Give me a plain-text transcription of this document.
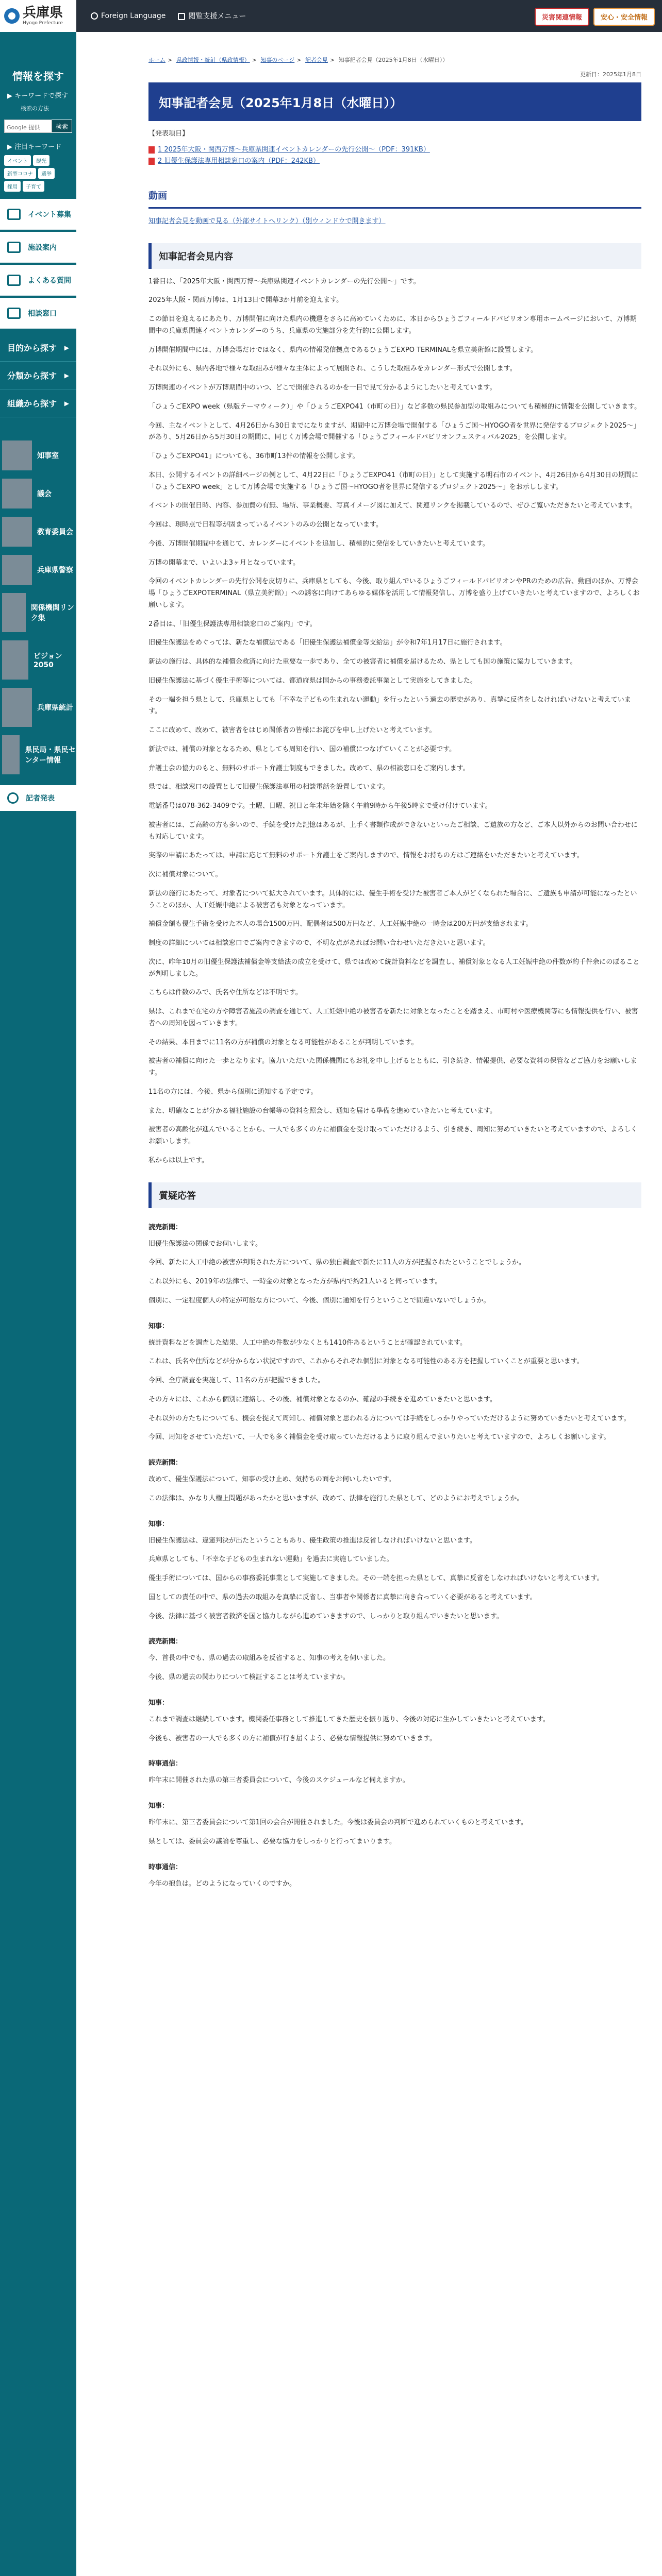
兵庫県
Hyogo Prefecture
Foreign Language	閲覧支援メニュー	災害関連情報	安心・安全情報
情報を探す
▶ キーワードで探す
検索の方法
Google 提供	検索
▶ 注目キーワード
イベント	観光
新型コロナ	選挙
採用	子育て
イベント募集
施設案内
よくある質問
相談窓口
目的から探す ▶
分類から探す ▶
組織から探す ▶
知事室
議会
教育委員会
兵庫県警察
関係機関リンク集
ビジョン2050
兵庫県統計
県民局・県民センター情報
記者発表
ホーム > 県政情報・統計（県政情報） > 知事のページ > 記者会見 > 知事記者会見（2025年1月8日（水曜日））
更新日：2025年1月8日
知事記者会見（2025年1月8日（水曜日））

【発表項目】

1 2025年大阪・関西万博～兵庫県関連イベントカレンダーの先行公開～（PDF：391KB）
2 旧優生保護法専用相談窓口の案内（PDF：242KB）
動画

知事記者会見を動画で見る（外部サイトへリンク）（別ウィンドウで開きます）

知事記者会見内容

1番目は、「2025年大阪・関西万博～兵庫県関連イベントカレンダーの先行公開～」です。

2025年大阪・関西万博は、1月13日で開幕3か月前を迎えます。

この節目を迎えるにあたり、万博開催に向けた県内の機運をさらに高めていくために、本日からひょうごフィールドパビリオン専用ホームページにおいて、万博期間中の兵庫県関連イベントカレンダーのうち、兵庫県の実施部分を先行的に公開します。

万博開催期間中には、万博会場だけではなく、県内の情報発信拠点であるひょうごEXPO TERMINALを県立美術館に設置します。

それ以外にも、県内各地で様々な取組みが様々な主体によって展開され、こうした取組みをカレンダー形式で公開します。

万博関連のイベントが万博期間中のいつ、どこで開催されるのかを一目で見て分かるようにしたいと考えています。

「ひょうごEXPO week（県版テーマウィーク）」や「ひょうごEXPO41（市町の日）」など多数の県民参加型の取組みについても積極的に情報を公開していきます。

今回、主なイベントとして、4月26日から30日までになりますが、期間中に万博会場で開催する「ひょうご国～HYOGO者を世界に発信するプロジェクト2025～」があり、5月26日から5月30日の期間に、同じく万博会場で開催する「ひょうごフィールドパビリオンフェスティバル2025」を公開します。

「ひょうごEXPO41」についても、36市町13件の情報を公開します。

本日、公開するイベントの詳細ページの例として、4月22日に「ひょうごEXPO41（市町の日）」として実施する明石市のイベント、4月26日から4月30日の期間に「ひょうごEXPO week」として万博会場で実施する「ひょうご国～HYOGO者を世界に発信するプロジェクト2025～」をお示しします。

イベントの開催日時、内容、参加費の有無、場所、事業概要、写真イメージ図に加えて、関連リンクを掲載しているので、ぜひご覧いただきたいと考えています。

今回は、現時点で日程等が固まっているイベントのみの公開となっています。

今後、万博開催期間中を通じて、カレンダーにイベントを追加し、積極的に発信をしていきたいと考えています。

万博の開幕まで、いよいよ3ヶ月となっています。

今回のイベントカレンダーの先行公開を皮切りに、兵庫県としても、今後、取り組んでいるひょうごフィールドパビリオンやPRのための広告、動画のほか、万博会場「ひょうごEXPOTERMINAL（県立美術館）」への誘客に向けてあらゆる媒体を活用して情報発信し、万博を盛り上げていきたいと考えていますので、よろしくお願いします。

2番目は、「旧優生保護法専用相談窓口のご案内」です。

旧優生保護法をめぐっては、新たな補償法である「旧優生保護法補償金等支給法」が令和7年1月17日に施行されます。

新法の施行は、具体的な補償金救済に向けた重要な一歩であり、全ての被害者に補償を届けるため、県としても国の施策に協力していきます。

旧優生保護法に基づく優生手術等については、都道府県は国からの事務委託事業として実施をしてきました。

その一端を担う県として、兵庫県としても「不幸な子どもの生まれない運動」を行ったという過去の歴史があり、真摯に反省をしなければいけないと考えています。

ここに改めて、改めて、被害者をはじめ関係者の皆様にお詫びを申し上げたいと考えています。

新法では、補償の対象となるため、県としても周知を行い、国の補償につなげていくことが必要です。

弁護士会の協力のもと、無料のサポート弁護士制度もできました。改めて、県の相談窓口をご案内します。

県では、相談窓口の設置として旧優生保護法専用の相談電話を設置しています。

電話番号は078-362-3409です。土曜、日曜、祝日と年末年始を除く午前9時から午後5時まで受け付けています。

被害者には、ご高齢の方も多いので、手続を受けた記憶はあるが、上手く書類作成ができないといったご相談、ご遺族の方など、ご本人以外からのお問い合わせにも対応しています。

実際の申請にあたっては、申請に応じて無料のサポート弁護士をご案内しますので、情報をお持ちの方はご連絡をいただきたいと考えています。

次に補償対象について。

新法の施行にあたって、対象者について拡大されています。具体的には、優生手術を受けた被害者ご本人がどくなられた場合に、ご遺族も申請が可能になったということのほか、人工妊娠中絶による被害者も対象となっています。

補償金額も優生手術を受けた本人の場合1500万円、配偶者は500万円など、人工妊娠中絶の一時金は200万円が支給されます。

制度の詳細については相談窓口でご案内できますので、不明な点があればお問い合わせいただきたいと思います。

次に、昨年10月の旧優生保護法補償金等支給法の成立を受けて、県では改めて統計資料などを調査し、補償対象となる人工妊娠中絶の件数が約千件余にのぼることが判明しました。

こちらは件数のみで、氏名や住所などは不明です。

県は、これまで在宅の方や障害者施設の調査を通じて、人工妊娠中絶の被害者を新たに対象となったことを踏まえ、市町村や医療機関等にも情報提供を行い、被害者への周知を図っていきます。

その結果、本日までに11名の方が補償の対象となる可能性があることが判明しています。

被害者の補償に向けた一歩となります。協力いただいた関係機関にもお礼を申し上げるとともに、引き続き、情報提供、必要な資料の保管などご協力をお願いします。

11名の方には、今後、県から個別に通知する予定です。

また、明確なことが分かる福祉施設の台帳等の資料を照会し、通知を届ける準備を進めていきたいと考えています。

被害者の高齢化が進んでいることから、一人でも多くの方に補償金を受け取っていただけるよう、引き続き、周知に努めていきたいと考えていますので、よろしくお願いします。

私からは以上です。

質疑応答

読売新聞：

旧優生保護法の関係でお伺いします。

今回、新たに人工中絶の被害が判明された方について、県の独自調査で新たに11人の方が把握されたということでしょうか。

これ以外にも、2019年の法律で、一時金の対象となった方が県内で約21人いると伺っています。

個別に、一定程度個人の特定が可能な方について、今後、個別に通知を行うということで間違いないでしょうか。

知事：

統計資料などを調査した結果、人工中絶の件数が少なくとも1410件あるということが確認されています。

これは、氏名や住所などが分からない状況ですので、これからそれぞれ個別に対象となる可能性のある方を把握していくことが重要と思います。

今回、全庁調査を実施して、11名の方が把握できました。

その方々には、これから個別に連絡し、その後、補償対象となるのか、確認の手続きを進めていきたいと思います。

それ以外の方たちについても、機会を捉えて周知し、補償対象と思われる方については手続をしっかりやっていただけるように努めていきたいと考えています。

今回、周知をさせていただいて、一人でも多く補償金を受け取っていただけるように取り組んでまいりたいと考えていますので、よろしくお願いします。

読売新聞：

改めて、優生保護法について、知事の受け止め、気持ちの面をお伺いしたいです。

この法律は、かなり人権上問題があったかと思いますが、改めて、法律を施行した県として、どのようにお考えでしょうか。

知事：

旧優生保護法は、違憲判決が出たということもあり、優生政策の推進は反省しなければいけないと思います。

兵庫県としても、「不幸な子どもの生まれない運動」を過去に実施していました。

優生手術については、国からの事務委託事業として実施してきました。その一端を担った県として、真摯に反省をしなければいけないと考えています。

国としての責任の中で、県の過去の取組みを真摯に反省し、当事者や関係者に真摯に向き合っていく必要があると考えています。

今後、法律に基づく被害者救済を国と協力しながら進めていきますので、しっかりと取り組んでいきたいと思います。

読売新聞：

今、首長の中でも、県の過去の取組みを反省すると、知事の考えを伺いました。

今後、県の過去の関わりについて検証することは考えていますか。

知事：

これまで調査は継続しています。機関委任事務として推進してきた歴史を振り返り、今後の対応に生かしていきたいと考えています。

今後も、被害者の一人でも多くの方に補償が行き届くよう、必要な情報提供に努めていきます。

時事通信：

昨年末に開催された県の第三者委員会について、今後のスケジュールなど伺えますか。

知事：

昨年末に、第三者委員会について第1回の会合が開催されました。今後は委員会の判断で進められていくものと考えています。

県としては、委員会の議論を尊重し、必要な協力をしっかりと行ってまいります。

時事通信：

今年の抱負は。どのようになっていくのですか。
